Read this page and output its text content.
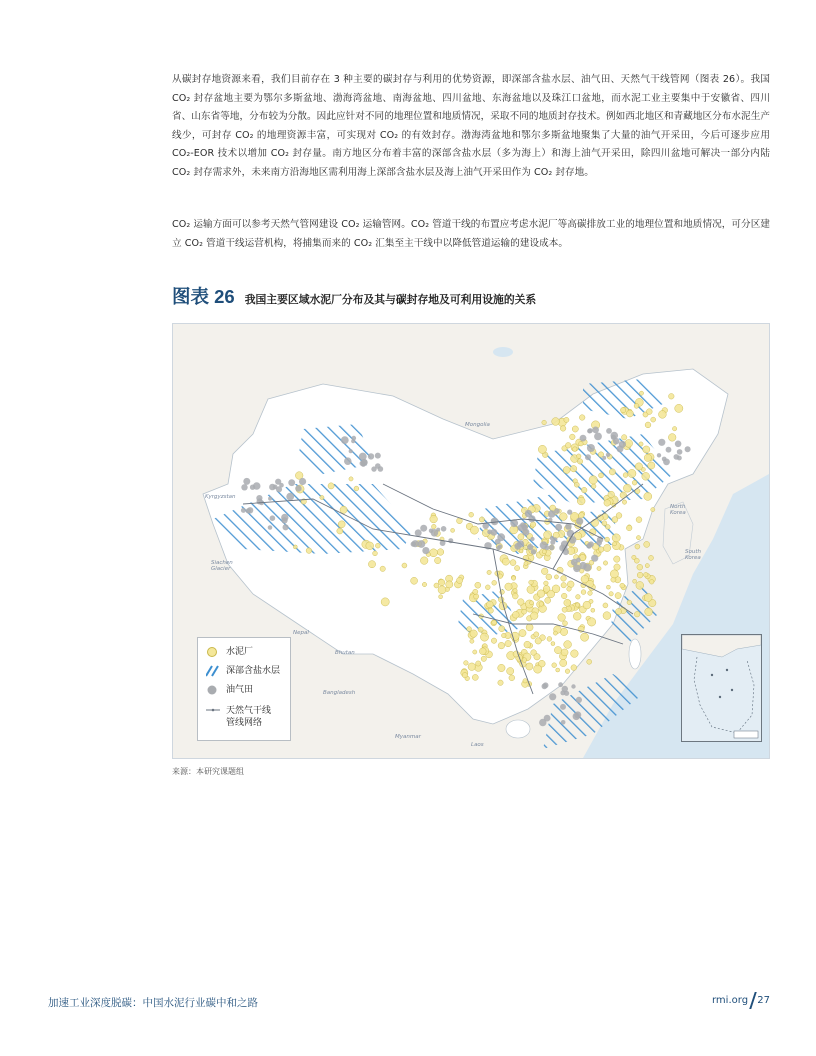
从碳封存地资源来看，我们目前存在 3 种主要的碳封存与利用的优势资源，即深部含盐水层、油气田、天然气干线管网（图表 26）。我国 CO₂ 封存盆地主要为鄂尔多斯盆地、渤海湾盆地、南海盆地、四川盆地、东海盆地以及珠江口盆地，而水泥工业主要集中于安徽省、四川省、山东省等地，分布较为分散。因此应针对不同的地理位置和地质情况，采取不同的地质封存技术。例如西北地区和青藏地区分布水泥生产线少，可封存 CO₂ 的地理资源丰富，可实现对 CO₂ 的有效封存。渤海湾盆地和鄂尔多斯盆地聚集了大量的油气开采田，今后可逐步应用 CO₂-EOR 技术以增加 CO₂ 封存量。南方地区分布着丰富的深部含盐水层（多为海上）和海上油气开采田，除四川盆地可解决一部分内陆 CO₂ 封存需求外，未来南方沿海地区需利用海上深部含盐水层及海上油气开采田作为 CO₂ 封存地。

CO₂ 运输方面可以参考天然气管网建设 CO₂ 运输管网。CO₂ 管道干线的布置应考虑水泥厂等高碳排放工业的地理位置和地质情况，可分区建立 CO₂ 管道干线运营机构，将捕集而来的 CO₂ 汇集至主干线中以降低管道运输的建设成本。

图表 26 我国主要区域水泥厂分布及其与碳封存地及可利用设施的关系
Mongolia
Kyrgyzstan
North
Korea
South
Korea
Siachen
Glacier
Bhutan
Bangladesh
Myanmar
Laos
Nepal
水泥厂
深部含盐水层
油气田
天然气干线
管线网络
来源：本研究课题组
加速工业深度脱碳：中国水泥行业碳中和之路	rmi.org 27
